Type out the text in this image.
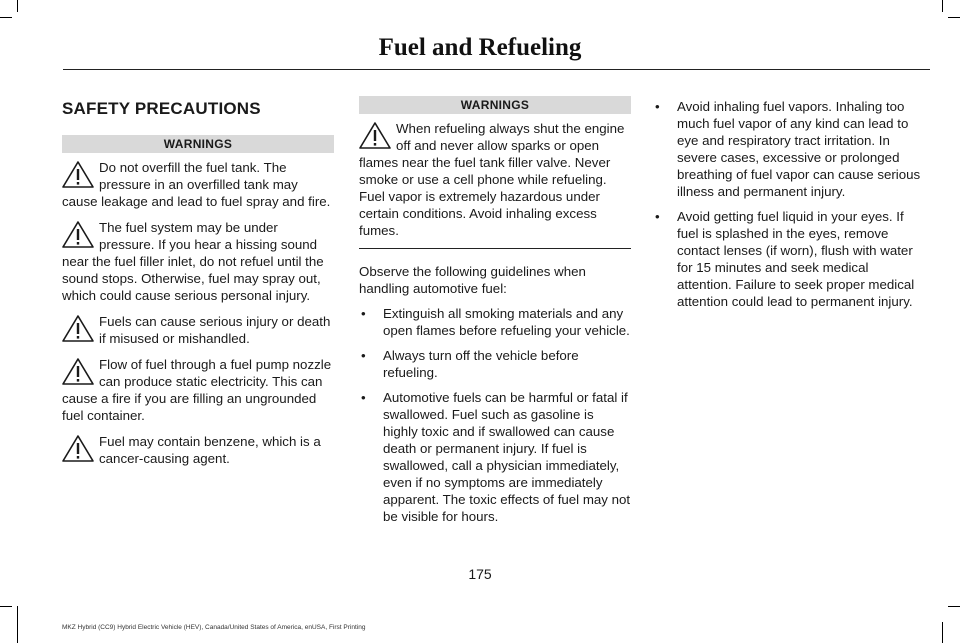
Fuel and Refueling
SAFETY PRECAUTIONS
WARNINGS

Do not overfill the fuel tank. The pressure in an overfilled tank may cause leakage and lead to fuel spray and fire.

The fuel system may be under pressure. If you hear a hissing sound near the fuel filler inlet, do not refuel until the sound stops. Otherwise, fuel may spray out, which could cause serious personal injury.

Fuels can cause serious injury or death if misused or mishandled.

Flow of fuel through a fuel pump nozzle can produce static electricity. This can cause a fire if you are filling an ungrounded fuel container.

Fuel may contain benzene, which is a cancer-causing agent.

WARNINGS

When refueling always shut the engine off and never allow sparks or open flames near the fuel tank filler valve. Never smoke or use a cell phone while refueling. Fuel vapor is extremely hazardous under certain conditions. Avoid inhaling excess fumes.

Observe the following guidelines when handling automotive fuel:

• Extinguish all smoking materials and any open flames before refueling your vehicle.
• Always turn off the vehicle before refueling.
• Automotive fuels can be harmful or fatal if swallowed. Fuel such as gasoline is highly toxic and if swallowed can cause death or permanent injury. If fuel is swallowed, call a physician immediately, even if no symptoms are immediately apparent. The toxic effects of fuel may not be visible for hours.
• Avoid inhaling fuel vapors. Inhaling too much fuel vapor of any kind can lead to eye and respiratory tract irritation. In severe cases, excessive or prolonged breathing of fuel vapor can cause serious illness and permanent injury.
• Avoid getting fuel liquid in your eyes. If fuel is splashed in the eyes, remove contact lenses (if worn), flush with water for 15 minutes and seek medical attention. Failure to seek proper medical attention could lead to permanent injury.
175
MKZ Hybrid (CC9) Hybrid Electric Vehicle (HEV), Canada/United States of America, enUSA, First Printing
